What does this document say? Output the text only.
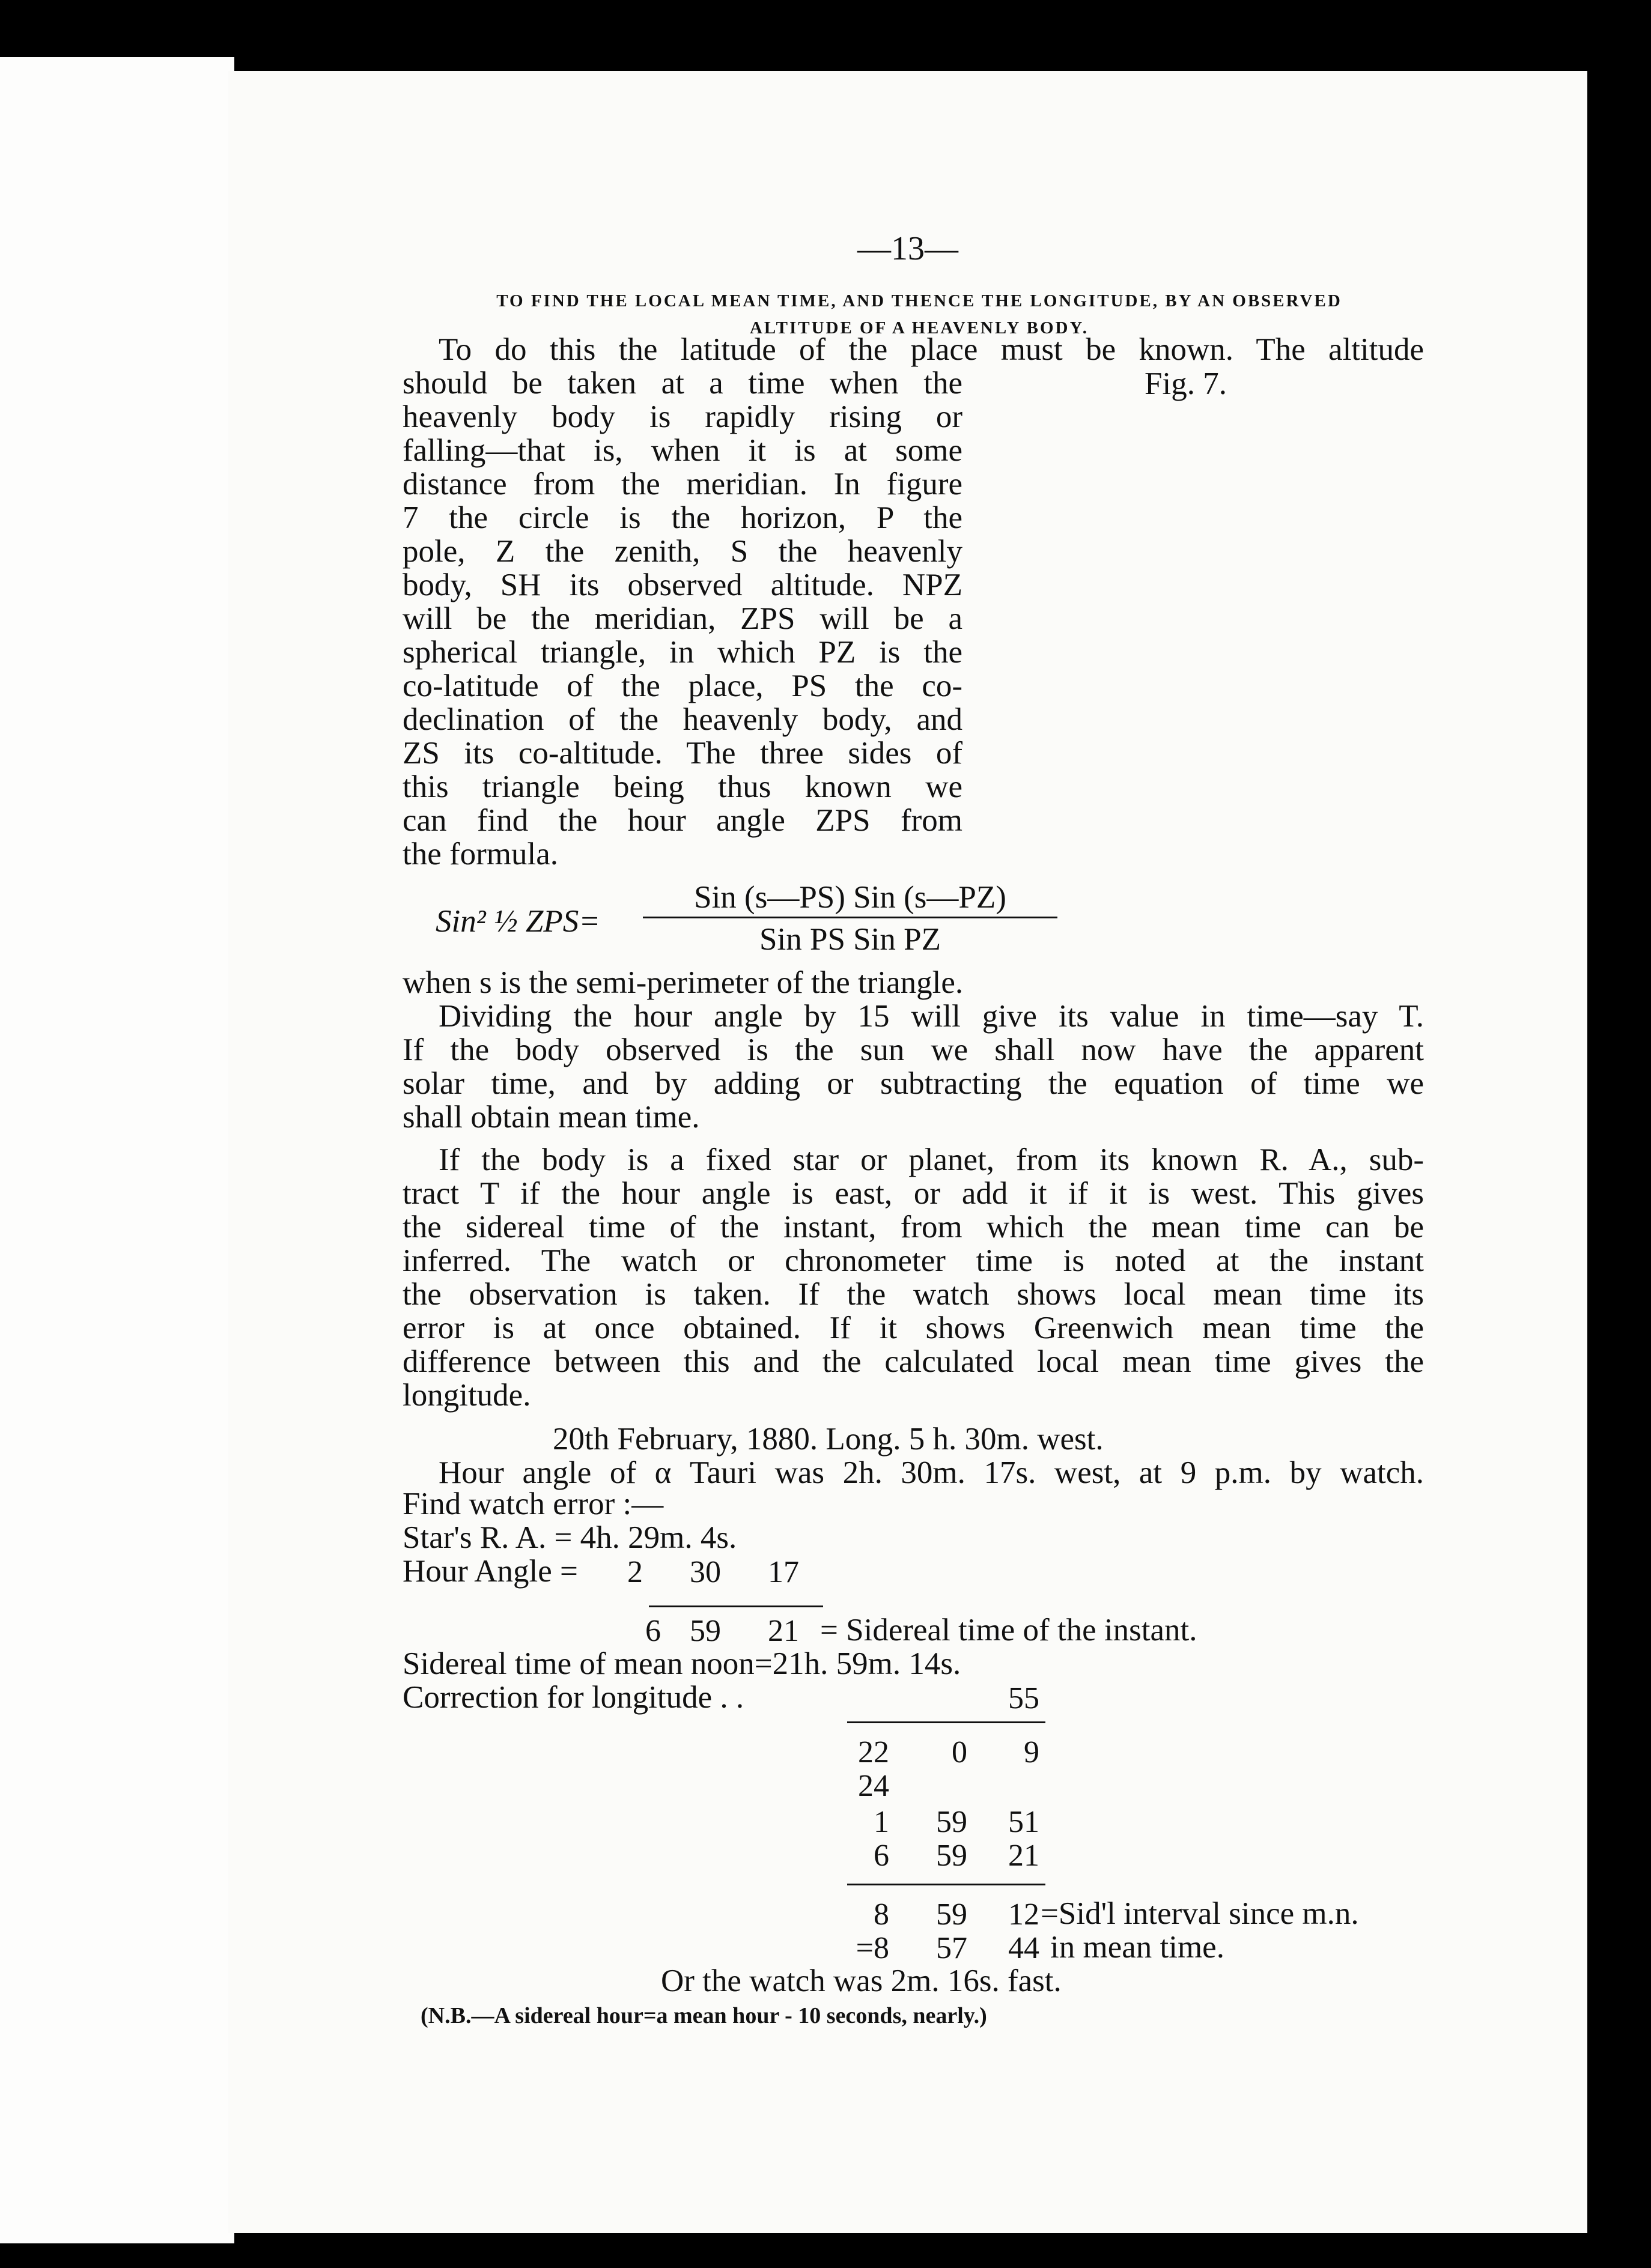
—13—
TO FIND THE LOCAL MEAN TIME, AND THENCE THE LONGITUDE, BY AN OBSERVED
ALTITUDE OF A HEAVENLY BODY.
To do this the latitude of the place must be known. The altitude
Fig. 7.
should be taken at a time when the
heavenly body is rapidly rising or
falling—that is, when it is at some
distance from the meridian. In figure
7 the circle is the horizon, P the
pole, Z the zenith, S the heavenly
body, SH its observed altitude. NPZ
will be the meridian, ZPS will be a
spherical triangle, in which PZ is the
co-latitude of the place, PS the co-
declination of the heavenly body, and
ZS its co-altitude. The three sides of
this triangle being thus known we
can find the hour angle ZPS from
the formula.
Sin² ½ ZPS=
Sin (s—PS) Sin (s—PZ)
Sin PS Sin PZ
when s is the semi-perimeter of the triangle.
Dividing the hour angle by 15 will give its value in time—say T.
If the body observed is the sun we shall now have the apparent
solar time, and by adding or subtracting the equation of time we
shall obtain mean time.
If the body is a fixed star or planet, from its known R. A., sub-
tract T if the hour angle is east, or add it if it is west. This gives
the sidereal time of the instant, from which the mean time can be
inferred. The watch or chronometer time is noted at the instant
the observation is taken. If the watch shows local mean time its
error is at once obtained. If it shows Greenwich mean time the
difference between this and the calculated local mean time gives the
longitude.
20th February, 1880. Long. 5 h. 30m. west.
Hour angle of α Tauri was 2h. 30m. 17s. west, at 9 p.m. by watch.
Find watch error :—
Star's R. A. = 4h. 29m. 4s.
Hour Angle =	2	30	17
6 59	21 = Sidereal time of the instant.
Sidereal time of mean noon=21h. 59m. 14s.
Correction for longitude . .	55
22	0	9
24
1	59	51
6	59	21
8	59	12 =Sid'l interval since m.n.
=8	57	44 in mean time.
Or the watch was 2m. 16s. fast.
(N.B.—A sidereal hour=a mean hour - 10 seconds, nearly.)
